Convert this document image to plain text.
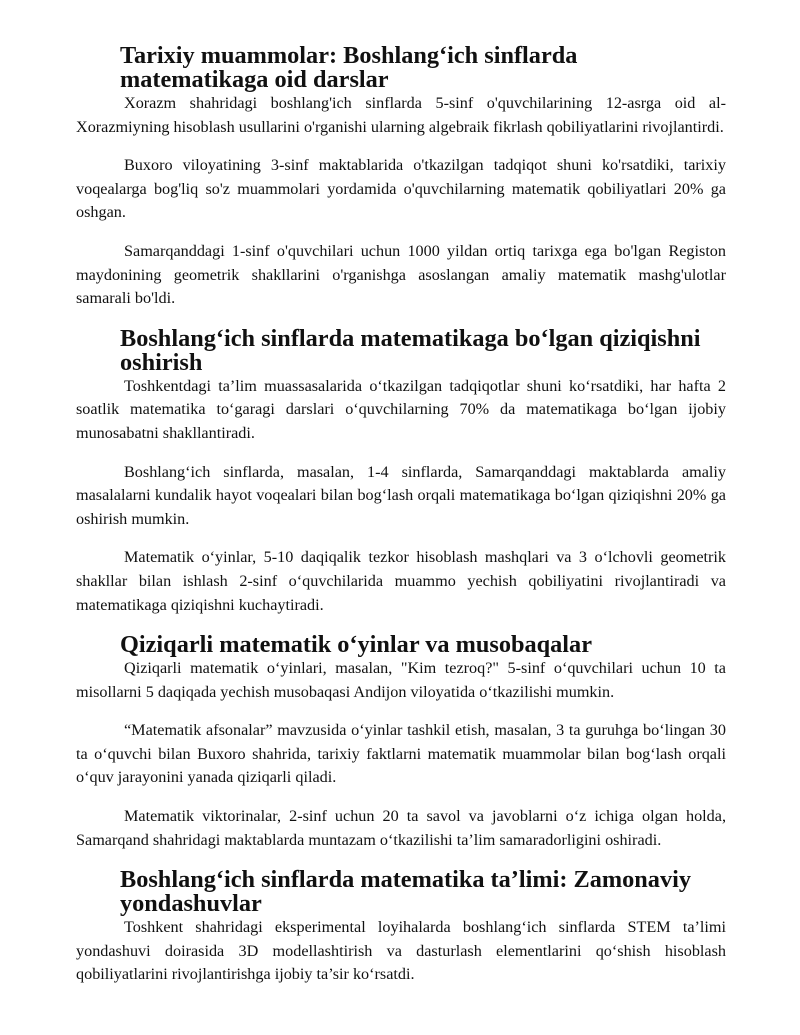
Tarixiy muammolar: Boshlang‘ich sinflarda matematikaga oid darslar

Xorazm shahridagi boshlang'ich sinflarda 5-sinf o'quvchilarining 12-asrga oid al-Xorazmiyning hisoblash usullarini o'rganishi ularning algebraik fikrlash qobiliyatlarini rivojlantirdi.

Buxoro viloyatining 3-sinf maktablarida o'tkazilgan tadqiqot shuni ko'rsatdiki, tarixiy voqealarga bog'liq so'z muammolari yordamida o'quvchilarning matematik qobiliyatlari 20% ga oshgan.

Samarqanddagi 1-sinf o'quvchilari uchun 1000 yildan ortiq tarixga ega bo'lgan Registon maydonining geometrik shakllarini o'rganishga asoslangan amaliy matematik mashg'ulotlar samarali bo'ldi.

Boshlang‘ich sinflarda matematikaga bo‘lgan qiziqishni oshirish

Toshkentdagi ta’lim muassasalarida o‘tkazilgan tadqiqotlar shuni ko‘rsatdiki, har hafta 2 soatlik matematika to‘garagi darslari o‘quvchilarning 70% da matematikaga bo‘lgan ijobiy munosabatni shakllantiradi.

Boshlang‘ich sinflarda, masalan, 1-4 sinflarda, Samarqanddagi maktablarda amaliy masalalarni kundalik hayot voqealari bilan bog‘lash orqali matematikaga bo‘lgan qiziqishni 20% ga oshirish mumkin.

Matematik o‘yinlar, 5-10 daqiqalik tezkor hisoblash mashqlari va 3 o‘lchovli geometrik shakllar bilan ishlash 2-sinf o‘quvchilarida muammo yechish qobiliyatini rivojlantiradi va matematikaga qiziqishni kuchaytiradi.

Qiziqarli matematik o‘yinlar va musobaqalar

Qiziqarli matematik o‘yinlari, masalan, "Kim tezroq?" 5-sinf o‘quvchilari uchun 10 ta misollarni 5 daqiqada yechish musobaqasi Andijon viloyatida o‘tkazilishi mumkin.

“Matematik afsonalar” mavzusida o‘yinlar tashkil etish, masalan, 3 ta guruhga bo‘lingan 30 ta o‘quvchi bilan Buxoro shahrida, tarixiy faktlarni matematik muammolar bilan bog‘lash orqali o‘quv jarayonini yanada qiziqarli qiladi.

Matematik viktorinalar, 2-sinf uchun 20 ta savol va javoblarni o‘z ichiga olgan holda, Samarqand shahridagi maktablarda muntazam o‘tkazilishi ta’lim samaradorligini oshiradi.

Boshlang‘ich sinflarda matematika ta’limi: Zamonaviy yondashuvlar

Toshkent shahridagi eksperimental loyihalarda boshlang‘ich sinflarda STEM ta’limi yondashuvi doirasida 3D modellashtirish va dasturlash elementlarini qo‘shish hisoblash qobiliyatlarini rivojlantirishga ijobiy ta’sir ko‘rsatdi.
